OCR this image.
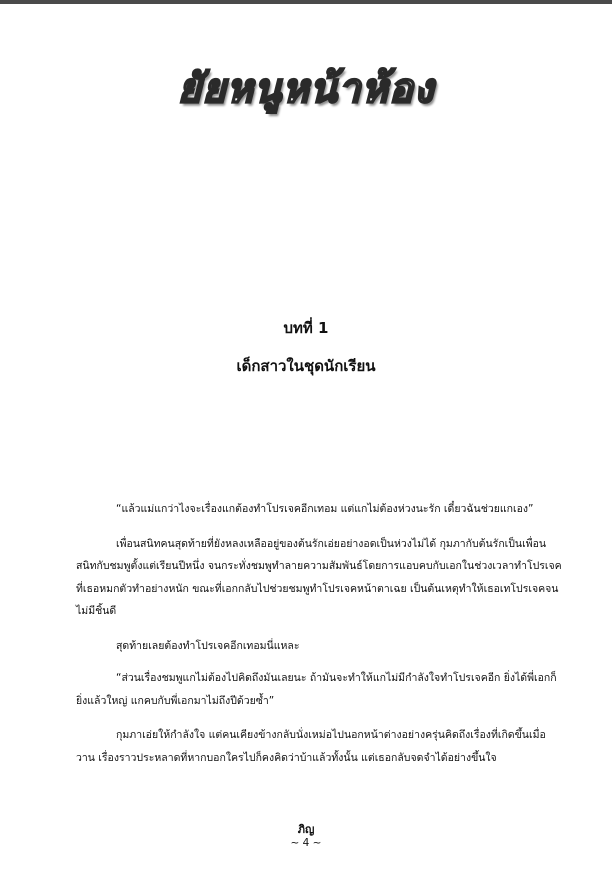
ยัยหนูหน้าห้อง
บทที่ 1
เด็กสาวในชุดนักเรียน

“แล้วแม่แกว่าไงจะเรื่องแกต้องทำโปรเจคอีกเทอม แต่แกไม่ต้องห่วงนะรัก เดี๋ยวฉันช่วยแกเอง”

เพื่อนสนิทคนสุดท้ายที่ยังหลงเหลืออยู่ของต้นรักเอ่ยอย่างอดเป็นห่วงไม่ได้ กุมภากับต้นรักเป็นเพื่อนสนิทกับชมพูตั้งแต่เรียนปีหนึ่ง จนกระทั่งชมพูทำลายความสัมพันธ์โดยการแอบคบกับเอกในช่วงเวลาทำโปรเจคที่เธอหมกตัวทำอย่างหนัก ขณะที่เอกกลับไปช่วยชมพูทำโปรเจคหน้าตาเฉย เป็นต้นเหตุทำให้เธอเทโปรเจคจนไม่มีชิ้นดี

สุดท้ายเลยต้องทำโปรเจคอีกเทอมนี่แหละ

“ส่วนเรื่องชมพูแกไม่ต้องไปคิดถึงมันเลยนะ ถ้ามันจะทำให้แกไม่มีกำลังใจทำโปรเจคอีก ยิ่งได้พี่เอกก็ยิ่งแล้วใหญ่ แกคบกับพี่เอกมาไม่ถึงปีด้วยซ้ำ”

กุมภาเอ่ยให้กำลังใจ แต่คนเคียงข้างกลับนั่งเหม่อไปนอกหน้าต่างอย่างครุ่นคิดถึงเรื่องที่เกิดขึ้นเมื่อวาน เรื่องราวประหลาดที่หากบอกใครไปก็คงคิดว่าบ้าแล้วทั้งนั้น แต่เธอกลับจดจำได้อย่างขึ้นใจ

ภิญ
~ 4 ~
